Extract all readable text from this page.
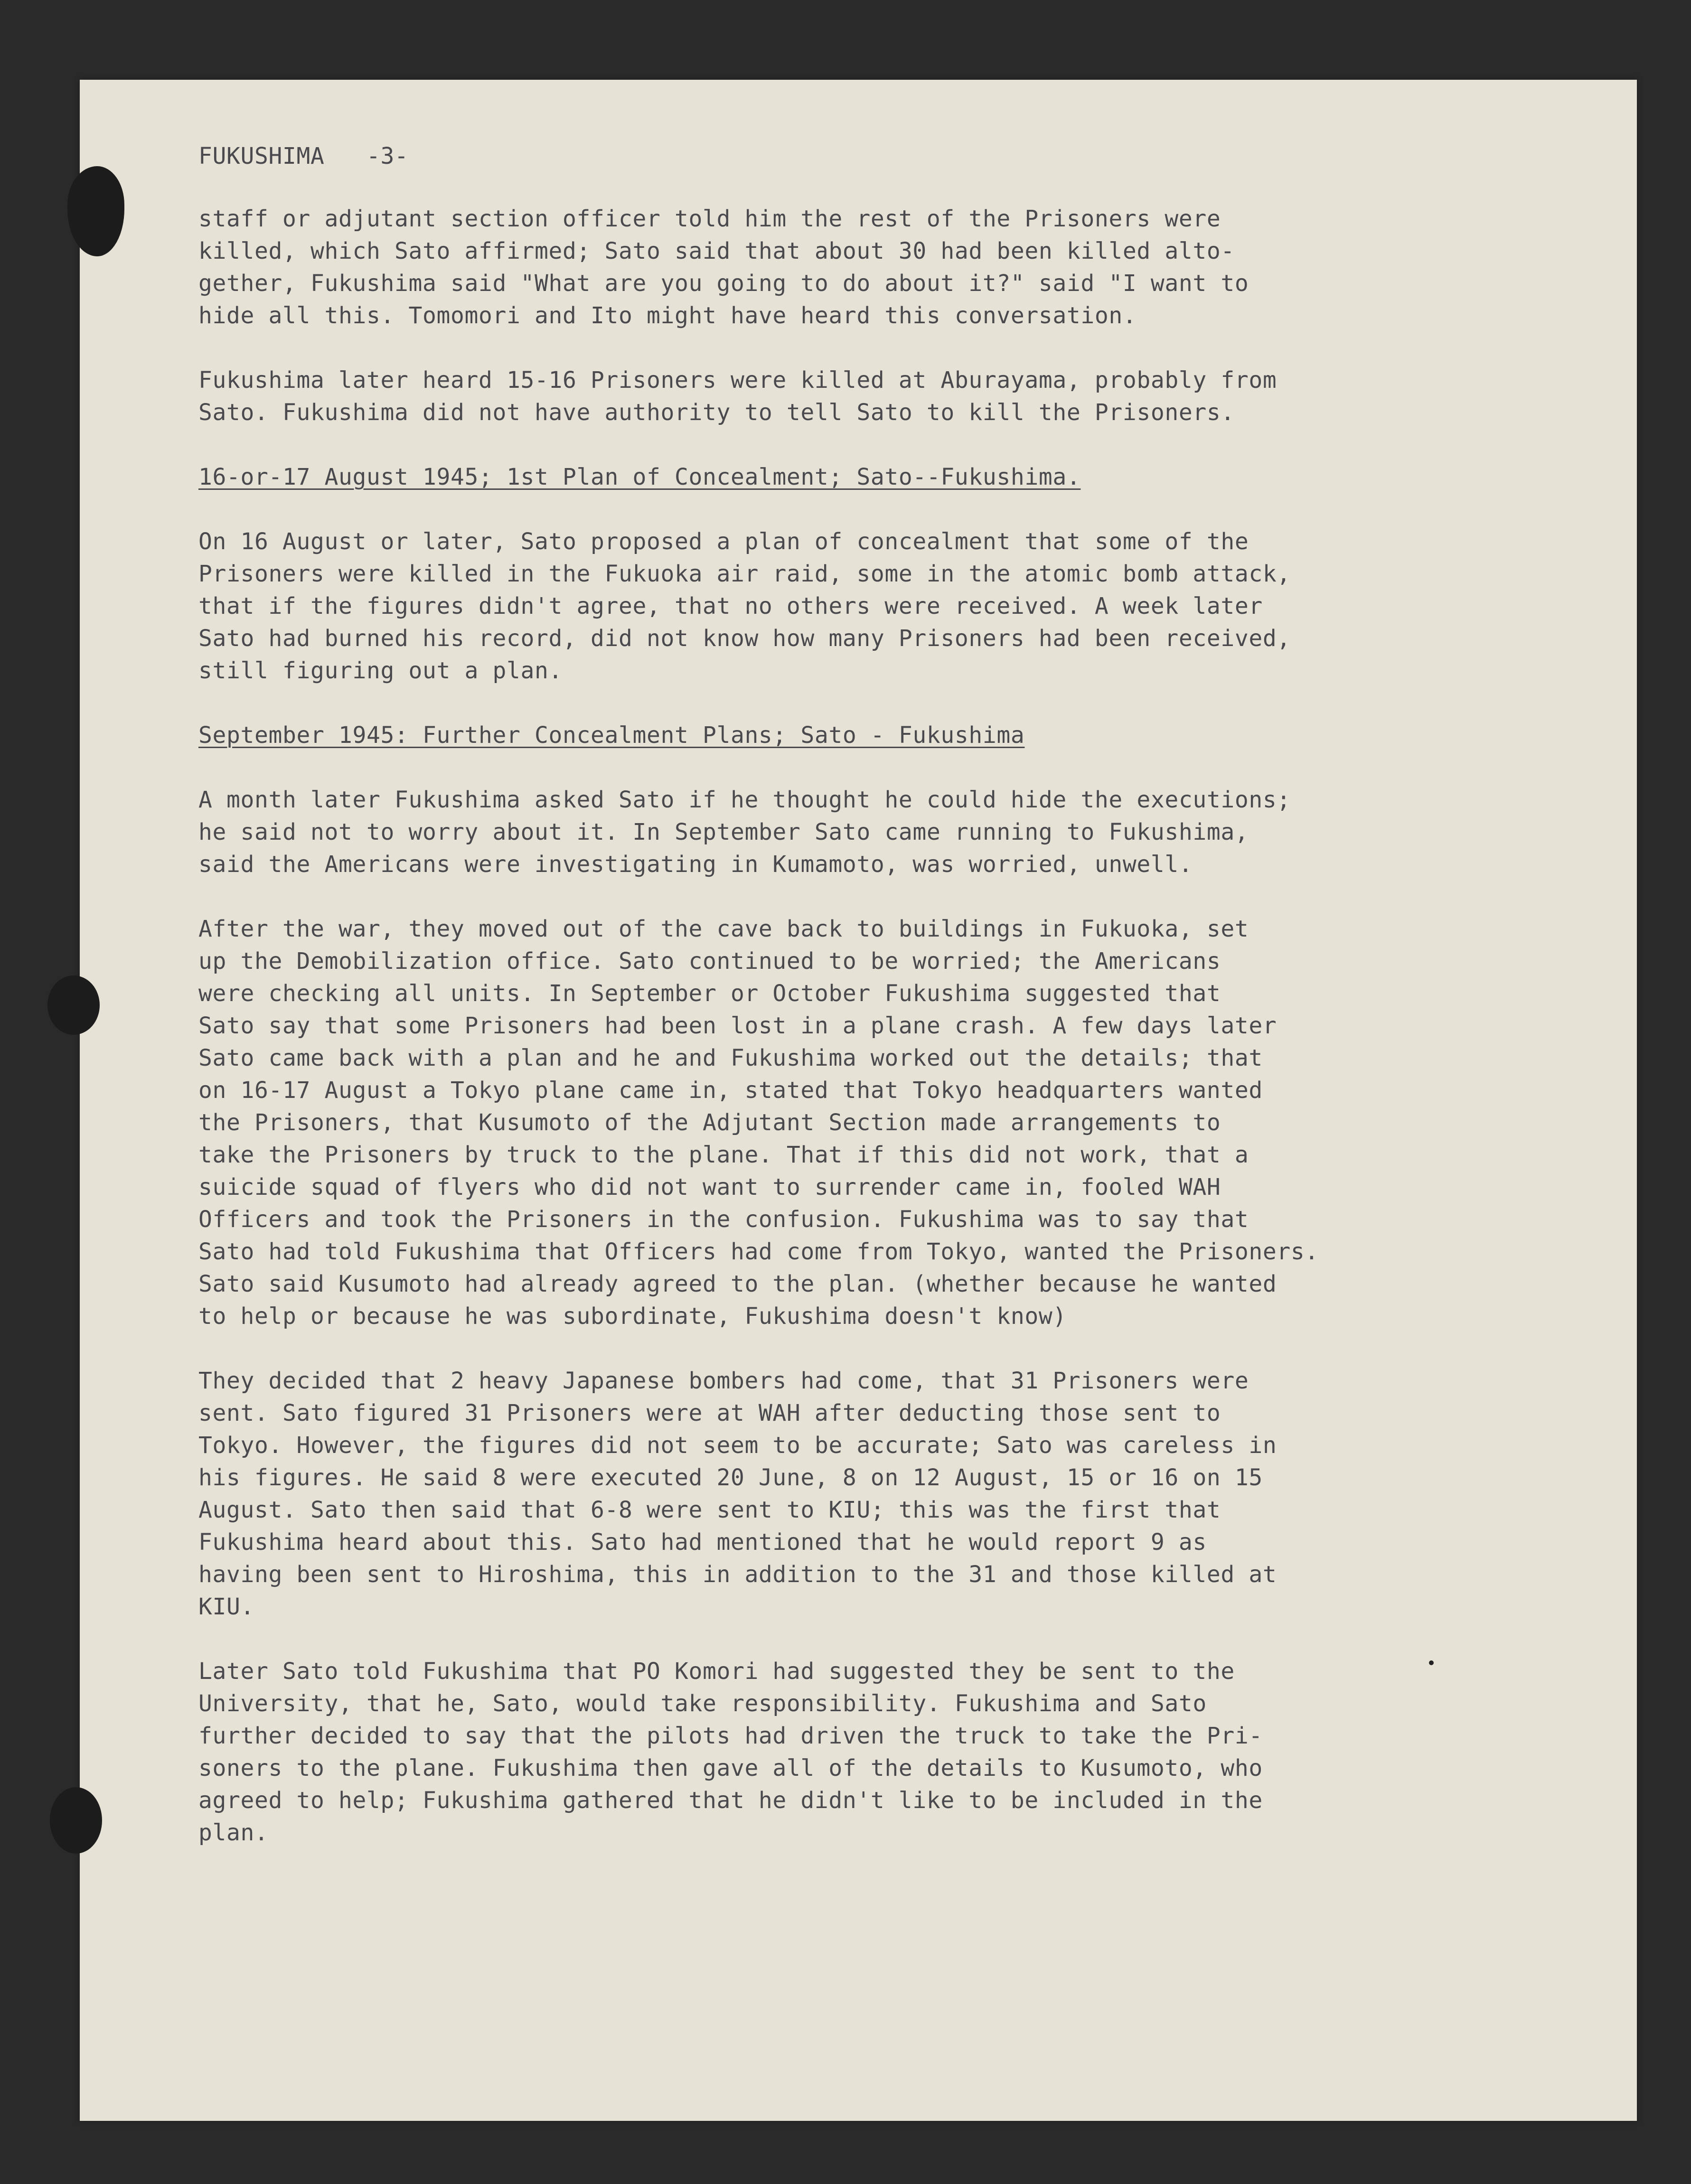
FUKUSHIMA -3-
staff or adjutant section officer told him the rest of the Prisoners were
killed, which Sato affirmed; Sato said that about 30 had been killed alto-
gether, Fukushima said "What are you going to do about it?" said "I want to
hide all this. Tomomori and Ito might have heard this conversation.
Fukushima later heard 15-16 Prisoners were killed at Aburayama, probably from
Sato. Fukushima did not have authority to tell Sato to kill the Prisoners.
16-or-17 August 1945; 1st Plan of Concealment; Sato--Fukushima.
On 16 August or later, Sato proposed a plan of concealment that some of the
Prisoners were killed in the Fukuoka air raid, some in the atomic bomb attack,
that if the figures didn't agree, that no others were received. A week later
Sato had burned his record, did not know how many Prisoners had been received,
still figuring out a plan.
September 1945: Further Concealment Plans; Sato - Fukushima
A month later Fukushima asked Sato if he thought he could hide the executions;
he said not to worry about it. In September Sato came running to Fukushima,
said the Americans were investigating in Kumamoto, was worried, unwell.
After the war, they moved out of the cave back to buildings in Fukuoka, set
up the Demobilization office. Sato continued to be worried; the Americans
were checking all units. In September or October Fukushima suggested that
Sato say that some Prisoners had been lost in a plane crash. A few days later
Sato came back with a plan and he and Fukushima worked out the details; that
on 16-17 August a Tokyo plane came in, stated that Tokyo headquarters wanted
the Prisoners, that Kusumoto of the Adjutant Section made arrangements to
take the Prisoners by truck to the plane. That if this did not work, that a
suicide squad of flyers who did not want to surrender came in, fooled WAH
Officers and took the Prisoners in the confusion. Fukushima was to say that
Sato had told Fukushima that Officers had come from Tokyo, wanted the Prisoners.
Sato said Kusumoto had already agreed to the plan. (whether because he wanted
to help or because he was subordinate, Fukushima doesn't know)
They decided that 2 heavy Japanese bombers had come, that 31 Prisoners were
sent. Sato figured 31 Prisoners were at WAH after deducting those sent to
Tokyo. However, the figures did not seem to be accurate; Sato was careless in
his figures. He said 8 were executed 20 June, 8 on 12 August, 15 or 16 on 15
August. Sato then said that 6-8 were sent to KIU; this was the first that
Fukushima heard about this. Sato had mentioned that he would report 9 as
having been sent to Hiroshima, this in addition to the 31 and those killed at
KIU.
Later Sato told Fukushima that PO Komori had suggested they be sent to the
University, that he, Sato, would take responsibility. Fukushima and Sato
further decided to say that the pilots had driven the truck to take the Pri-
soners to the plane. Fukushima then gave all of the details to Kusumoto, who
agreed to help; Fukushima gathered that he didn't like to be included in the
plan.
